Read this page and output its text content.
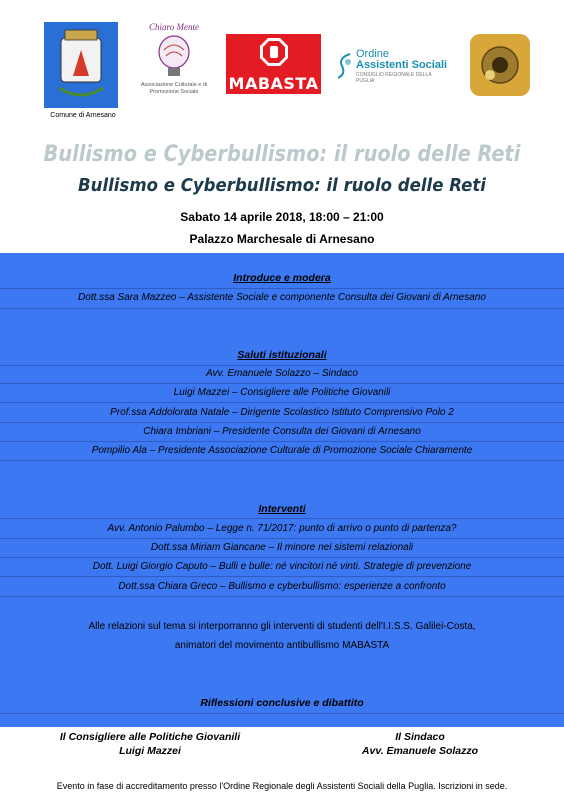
Comune di Arnesano
Chiaro Mente
Associazione Culturale e di Promozione Sociale	MABASTA
Ordine
Assistenti Sociali
CONSIGLIO REGIONALE DELLA PUGLIA
Bullismo e Cyberbullismo: il ruolo delle Reti
Bullismo e Cyberbullismo: il ruolo delle Reti
Sabato 14 aprile 2018, 18:00 – 21:00
Palazzo Marchesale di Arnesano
Introduce e modera
Dott.ssa Sara Mazzeo – Assistente Sociale e componente Consulta dei Giovani di Arnesano
Saluti istituzionali
Avv. Emanuele Solazzo – Sindaco
Luigi Mazzei – Consigliere alle Politiche Giovanili
Prof.ssa Addolorata Natale – Dirigente Scolastico Istituto Comprensivo Polo 2
Chiara Imbriani – Presidente Consulta dei Giovani di Arnesano
Pompilio Ala – Presidente Associazione Culturale di Promozione Sociale Chiaramente
Interventi
Avv. Antonio Palumbo – Legge n. 71/2017: punto di arrivo o punto di partenza?
Dott.ssa Miriam Giancane – Il minore nei sistemi relazionali
Dott. Luigi Giorgio Caputo – Bulli e bulle: né vincitori né vinti. Strategie di prevenzione
Dott.ssa Chiara Greco – Bullismo e cyberbullismo: esperienze a confronto
Alle relazioni sul tema si interporranno gli interventi di studenti dell'I.I.S.S. Galilei-Costa,
animatori del movimento antibullismo MABASTA
Riflessioni conclusive e dibattito
Il Consigliere alle Politiche Giovanili
Luigi Mazzei
Il Sindaco
Avv. Emanuele Solazzo
Evento in fase di accreditamento presso l'Ordine Regionale degli Assistenti Sociali della Puglia. Iscrizioni in sede.
